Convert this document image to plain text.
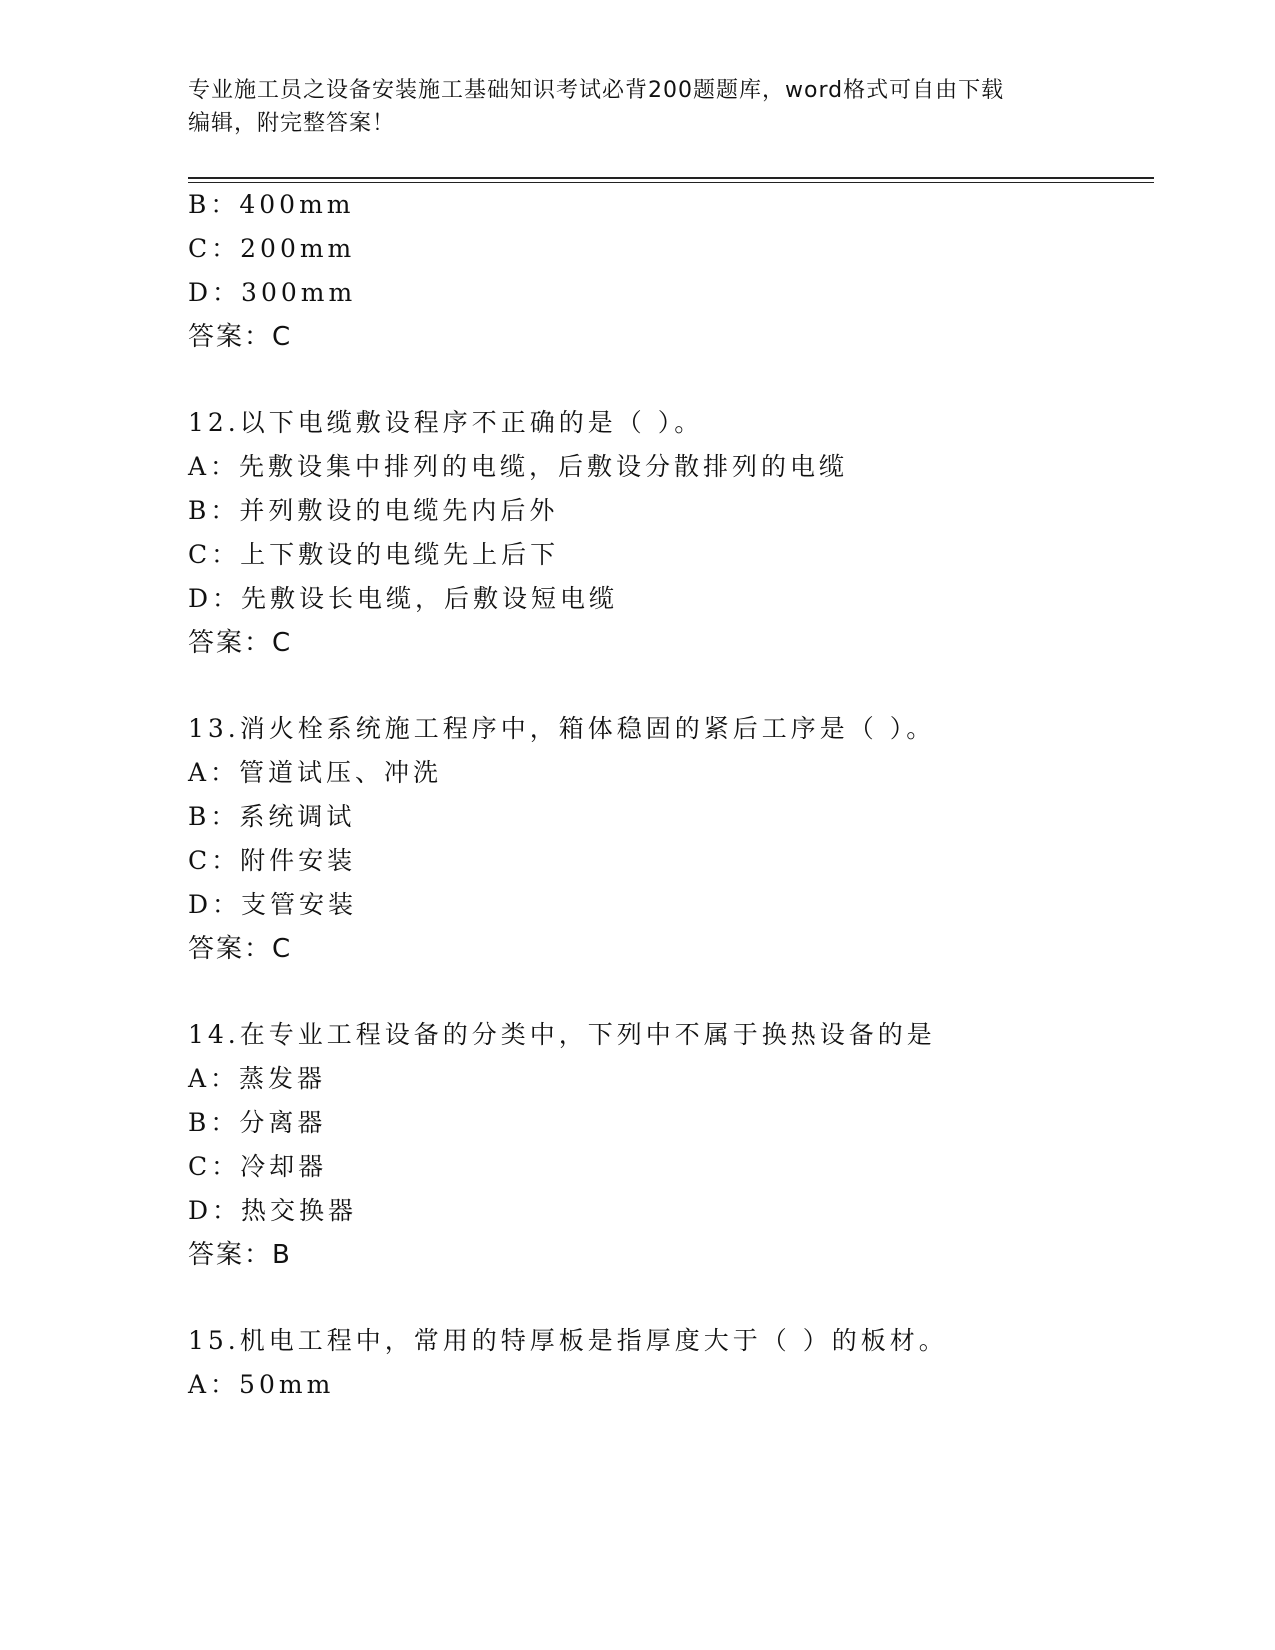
专业施工员之设备安装施工基础知识考试必背200题题库，word格式可自由下载
编辑，附完整答案！
B：400mm
C：200mm
D：300mm
答案：C
12.以下电缆敷设程序不正确的是（ ）。
A：先敷设集中排列的电缆，后敷设分散排列的电缆
B：并列敷设的电缆先内后外
C：上下敷设的电缆先上后下
D：先敷设长电缆，后敷设短电缆
答案：C
13.消火栓系统施工程序中，箱体稳固的紧后工序是（ ）。
A：管道试压、冲洗
B：系统调试
C：附件安装
D：支管安装
答案：C
14.在专业工程设备的分类中，下列中不属于换热设备的是
A：蒸发器
B：分离器
C：冷却器
D：热交换器
答案：B
15.机电工程中，常用的特厚板是指厚度大于（ ）的板材。
A：50mm
